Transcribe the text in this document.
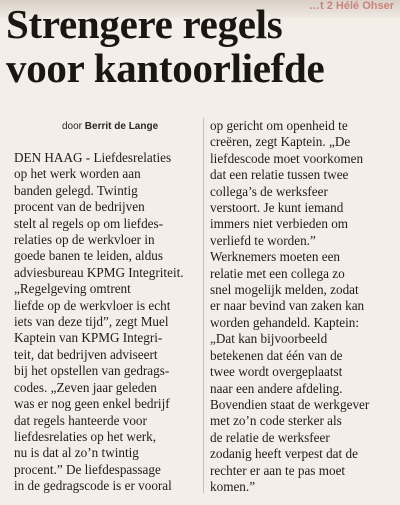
…t 2 Hélé Ohser
Strengere regels
voor kantoorliefde
door Berrit de Lange
DEN HAAG - Liefdesrelaties
op het werk worden aan
banden gelegd. Twintig
procent van de bedrijven
stelt al regels op om liefdes-
relaties op de werkvloer in
goede banen te leiden, aldus
adviesbureau KPMG Integriteit.
„Regelgeving omtrent
liefde op de werkvloer is echt
iets van deze tijd”, zegt Muel
Kaptein van KPMG Integri-
teit, dat bedrijven adviseert
bij het opstellen van gedrags-
codes. „Zeven jaar geleden
was er nog geen enkel bedrijf
dat regels hanteerde voor
liefdesrelaties op het werk,
nu is dat al zo’n twintig
procent.” De liefdespassage
in de gedragscode is er vooral
op gericht om openheid te
creëren, zegt Kaptein. „De
liefdescode moet voorkomen
dat een relatie tussen twee
collega’s de werksfeer
verstoort. Je kunt iemand
immers niet verbieden om
verliefd te worden.”
Werknemers moeten een
relatie met een collega zo
snel mogelijk melden, zodat
er naar bevind van zaken kan
worden gehandeld. Kaptein:
„Dat kan bijvoorbeeld
betekenen dat één van de
twee wordt overgeplaatst
naar een andere afdeling.
Bovendien staat de werkgever
met zo’n code sterker als
de relatie de werksfeer
zodanig heeft verpest dat de
rechter er aan te pas moet
komen.”
